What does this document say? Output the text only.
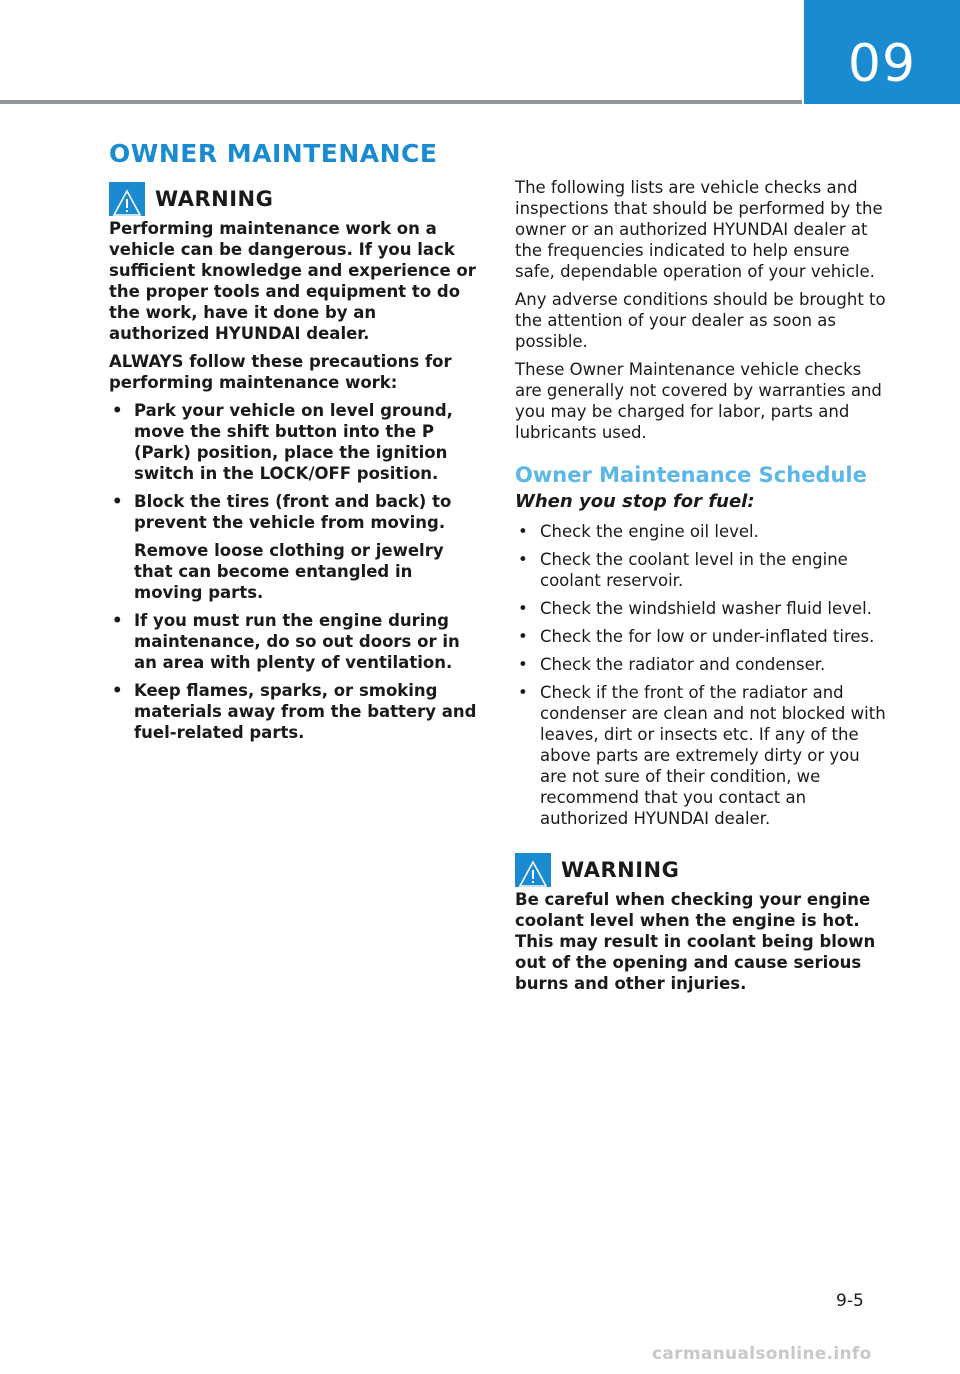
09
OWNER MAINTENANCE
WARNING

Performing maintenance work on a vehicle can be dangerous. If you lack sufficient knowledge and experience or the proper tools and equipment to do the work, have it done by an authorized HYUNDAI dealer.

ALWAYS follow these precautions for performing maintenance work:

• Park your vehicle on level ground, move the shift button into the P (Park) position, place the ignition switch in the LOCK/OFF position.
• Block the tires (front and back) to prevent the vehicle from moving.

Remove loose clothing or jewelry that can become entangled in moving parts.

• If you must run the engine during maintenance, do so out doors or in an area with plenty of ventilation.
• Keep flames, sparks, or smoking materials away from the battery and fuel-related parts.

The following lists are vehicle checks and inspections that should be performed by the owner or an authorized HYUNDAI dealer at the frequencies indicated to help ensure safe, dependable operation of your vehicle.

Any adverse conditions should be brought to the attention of your dealer as soon as possible.

These Owner Maintenance vehicle checks are generally not covered by warranties and you may be charged for labor, parts and lubricants used.

Owner Maintenance Schedule
When you stop for fuel:
• Check the engine oil level.
• Check the coolant level in the engine coolant reservoir.
• Check the windshield washer fluid level.
• Check the for low or under-inflated tires.
• Check the radiator and condenser.
• Check if the front of the radiator and condenser are clean and not blocked with leaves, dirt or insects etc. If any of the above parts are extremely dirty or you are not sure of their condition, we recommend that you contact an authorized HYUNDAI dealer.
WARNING

Be careful when checking your engine coolant level when the engine is hot. This may result in coolant being blown out of the opening and cause serious burns and other injuries.

9-5
carmanualsonline.info
